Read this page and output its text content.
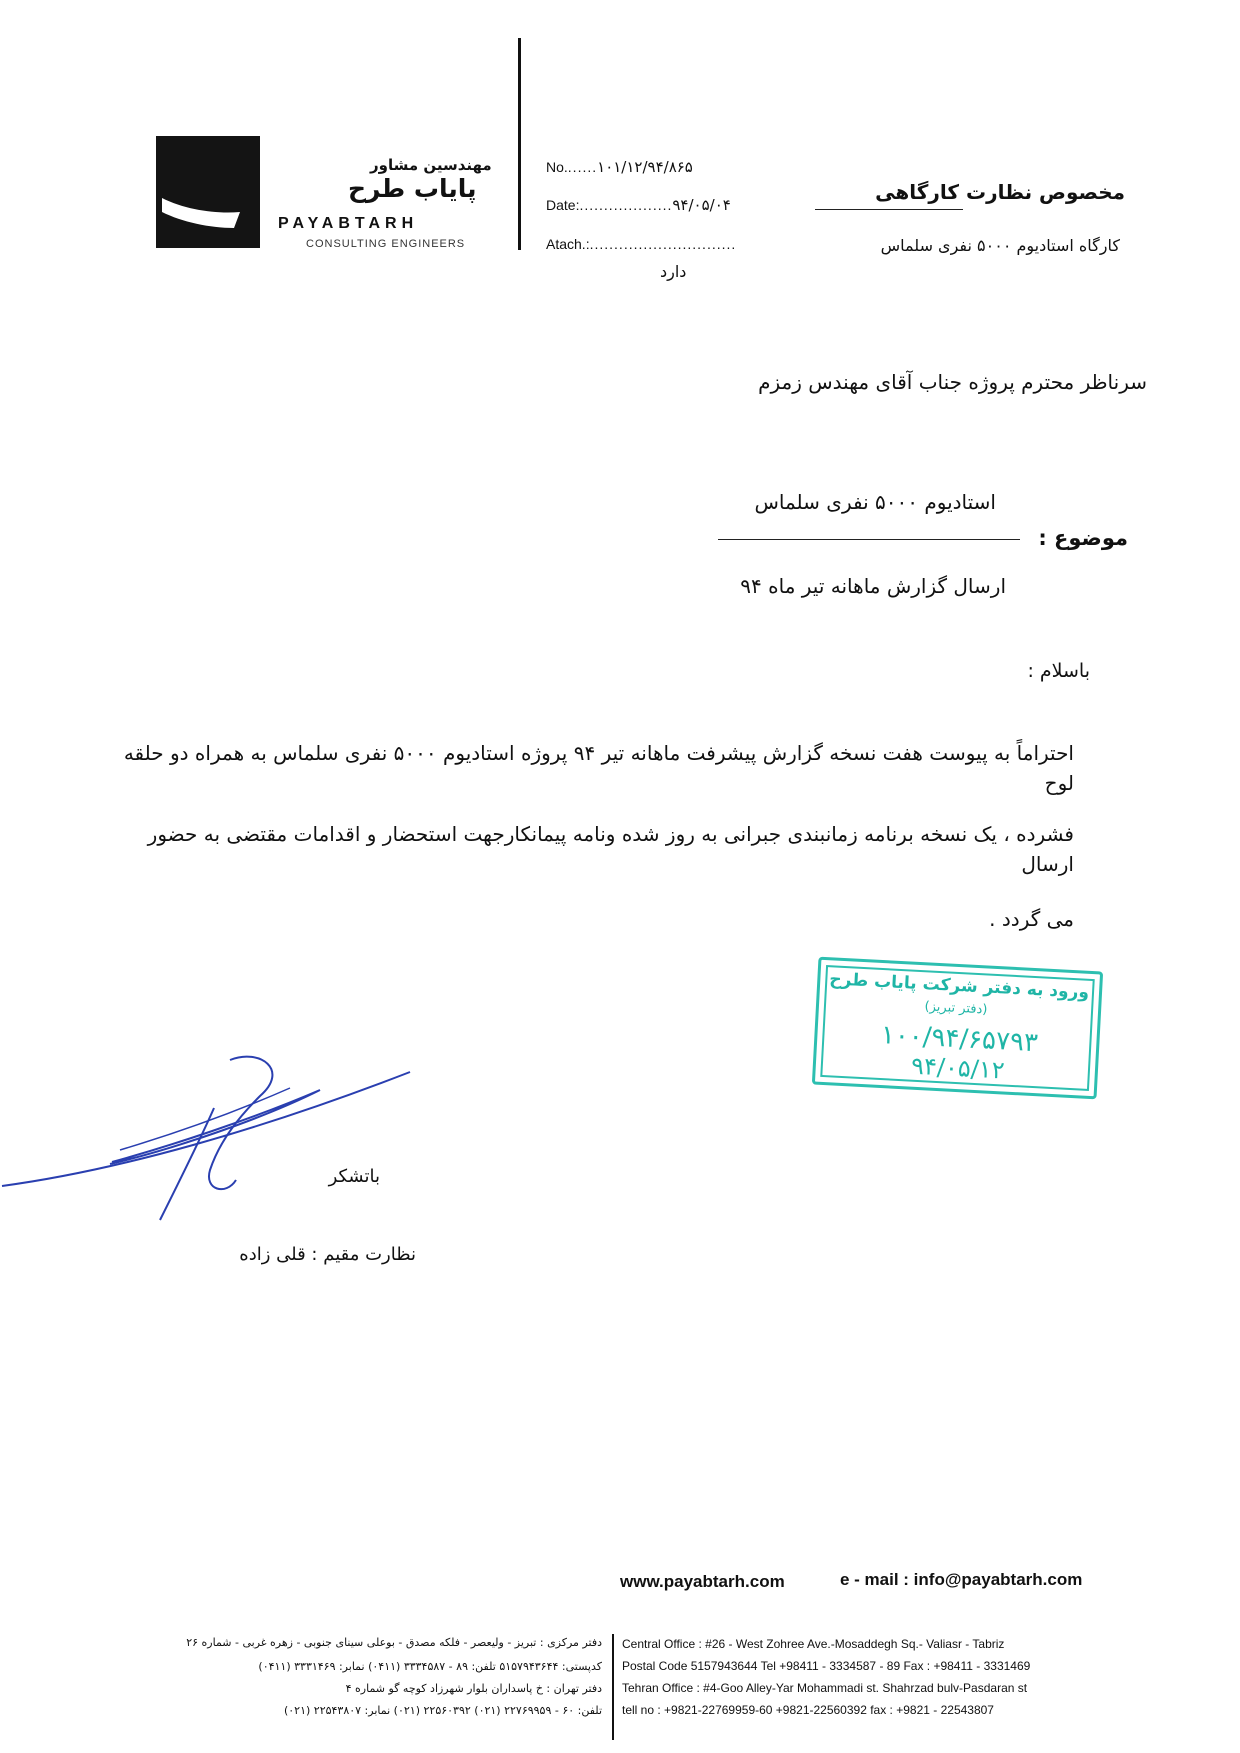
مهندسین مشاور
پایاب طرح
PAYABTARH
CONSULTING ENGINEERS
No.......۱۰۱/۱۲/۹۴/۸۶۵
Date:...................۹۴/۰۵/۰۴
Atach.:..............................
دارد
مخصوص نظارت کارگاهی
کارگاه استادیوم ۵۰۰۰ نفری سلماس
سرناظر محترم پروژه جناب آقای مهندس زمزم
استادیوم ۵۰۰۰ نفری سلماس
موضوع :
ارسال گزارش ماهانه تیر ماه ۹۴
باسلام :
احتراماً به پیوست هفت نسخه گزارش پیشرفت ماهانه تیر ۹۴ پروژه استادیوم ۵۰۰۰ نفری سلماس به همراه دو حلقه لوح
فشرده ، یک نسخه برنامه زمانبندی جبرانی به روز شده ونامه پیمانکارجهت استحضار و اقدامات مقتضی به حضور ارسال
می گردد .
ورود به دفتر شرکت پایاب طرح
(دفتر تبریز)
۱۰۰/۹۴/۶۵۷۹۳
۹۴/۰۵/۱۲
باتشکر
نظارت مقیم : قلی زاده
www.payabtarh.com	e - mail : info@payabtarh.com
دفتر مرکزی : تبریز - ولیعصر - فلکه مصدق - بوعلی سینای جنوبی - زهره غربی - شماره ۲۶
کدپستی: ۵۱۵۷۹۴۳۶۴۴ تلفن: ۸۹ - ۳۳۳۴۵۸۷ (۰۴۱۱) نمابر: ۳۳۳۱۴۶۹ (۰۴۱۱)
دفتر تهران : خ پاسداران بلوار شهرزاد کوچه گو شماره ۴
تلفن: ۶۰ - ۲۲۷۶۹۹۵۹ (۰۲۱) ۲۲۵۶۰۳۹۲ (۰۲۱) نمابر: ۲۲۵۴۳۸۰۷ (۰۲۱)
Central Office : #26 - West Zohree Ave.-Mosaddegh Sq.- Valiasr - Tabriz
Postal Code 5157943644 Tel +98411 - 3334587 - 89 Fax : +98411 - 3331469
Tehran Office : #4-Goo Alley-Yar Mohammadi st. Shahrzad bulv-Pasdaran st
tell no : +9821-22769959-60 +9821-22560392 fax : +9821 - 22543807
